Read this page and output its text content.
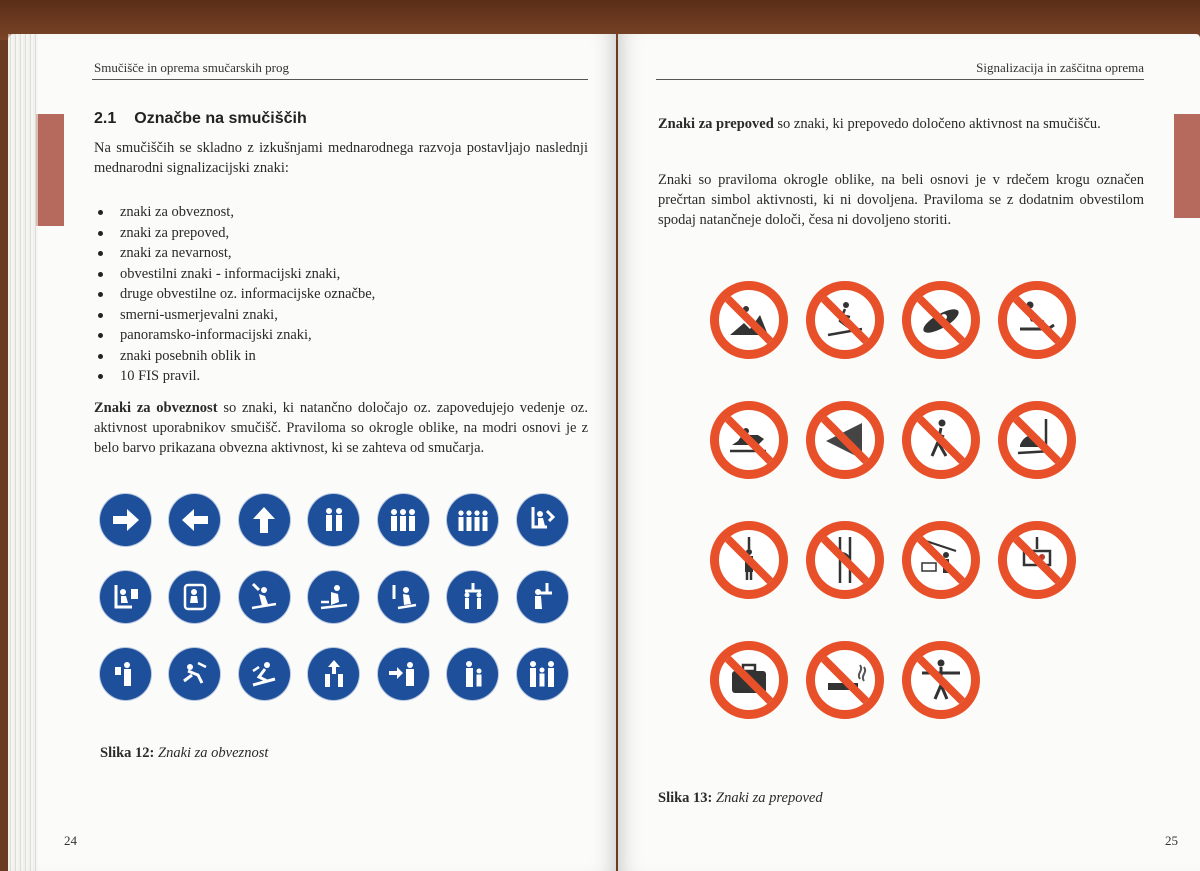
Smučišče in oprema smučarskih prog
2.1 Označbe na smučiščih

Na smučiščih se skladno z izkušnjami mednarodnega razvoja postavljajo naslednji mednarodni signalizacijski znaki:

znaki za obveznost,
znaki za prepoved,
znaki za nevarnost,
obvestilni znaki - informacijski znaki,
druge obvestilne oz. informacijske označbe,
smerni-usmerjevalni znaki,
panoramsko-informacijski znaki,
znaki posebnih oblik in
10 FIS pravil.

Znaki za obveznost so znaki, ki natančno določajo oz. zapovedujejo vedenje oz. aktivnost uporabnikov smučišč. Praviloma so okrogle oblike, na modri osnovi je z belo barvo prikazana obvezna aktivnost, ki se zahteva od smučarja.

Slika 12: Znaki za obveznost
24
Signalizacija in zaščitna oprema

Znaki za prepoved so znaki, ki prepovedo določeno aktivnost na smučišču.

Znaki so praviloma okrogle oblike, na beli osnovi je v rdečem krogu označen prečrtan simbol aktivnosti, ki ni dovoljena. Praviloma se z dodatnim obvestilom spodaj natančneje določi, česa ni dovoljeno storiti.

Slika 13: Znaki za prepoved
25
